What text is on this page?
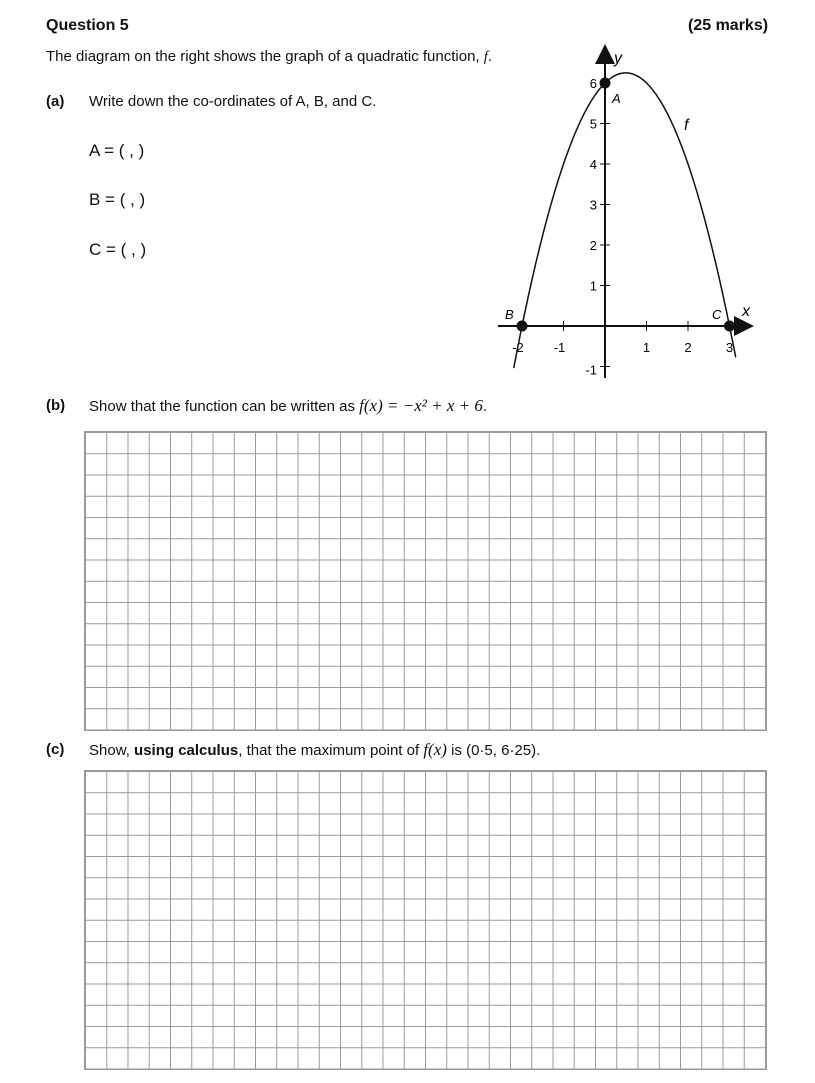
Question 5	(25 marks)
The diagram on the right shows the graph of a quadratic function, f.
(a) Write down the co-ordinates of A, B, and C.
A = ( , )
B = ( , )
C = ( , )
-2 -1	1	2	3
-1
1
2
3
4
5
6
x
y
f
A
B	C
(b) Show that the function can be written as f(x) = −x² + x + 6.
(c) Show, using calculus, that the maximum point of f(x) is (0·5, 6·25).
